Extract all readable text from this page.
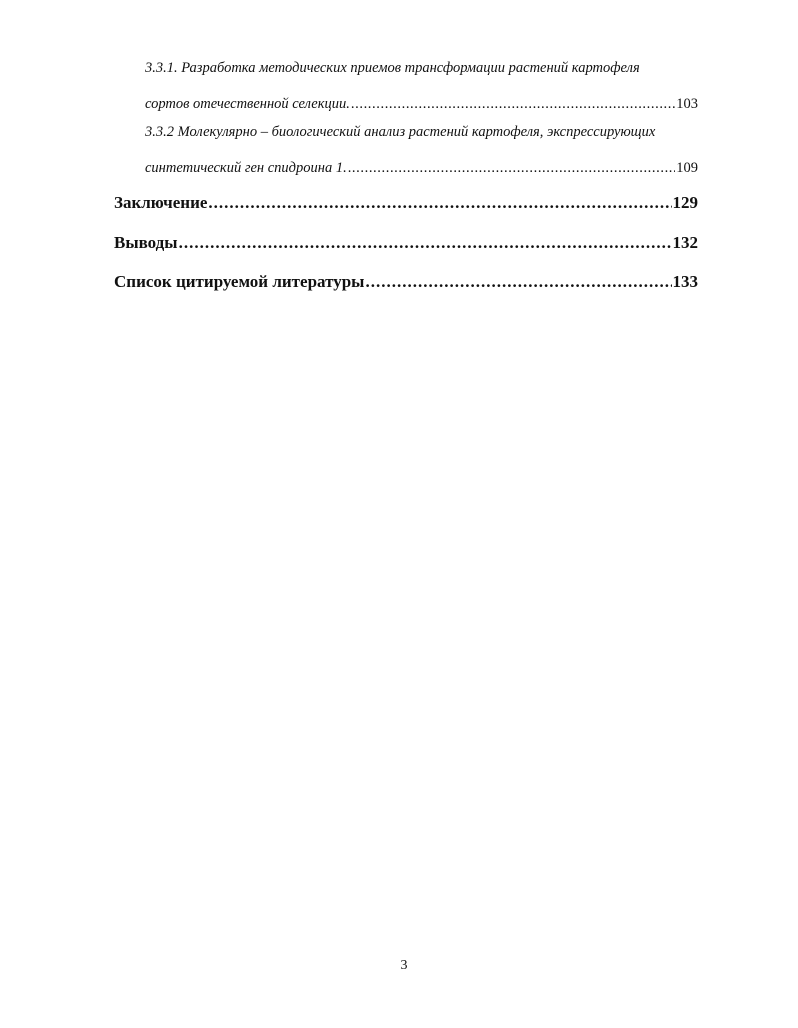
3.3.1. Разработка методических приемов трансформации растений картофеля
сортов отечественной селекции. .....	103
3.3.2 Молекулярно – биологический анализ растений картофеля, экспрессирующих
синтетический ген спидроина 1. .....	109
Заключение .....	129
Выводы .....	132
Список цитируемой литературы .....	133
3
